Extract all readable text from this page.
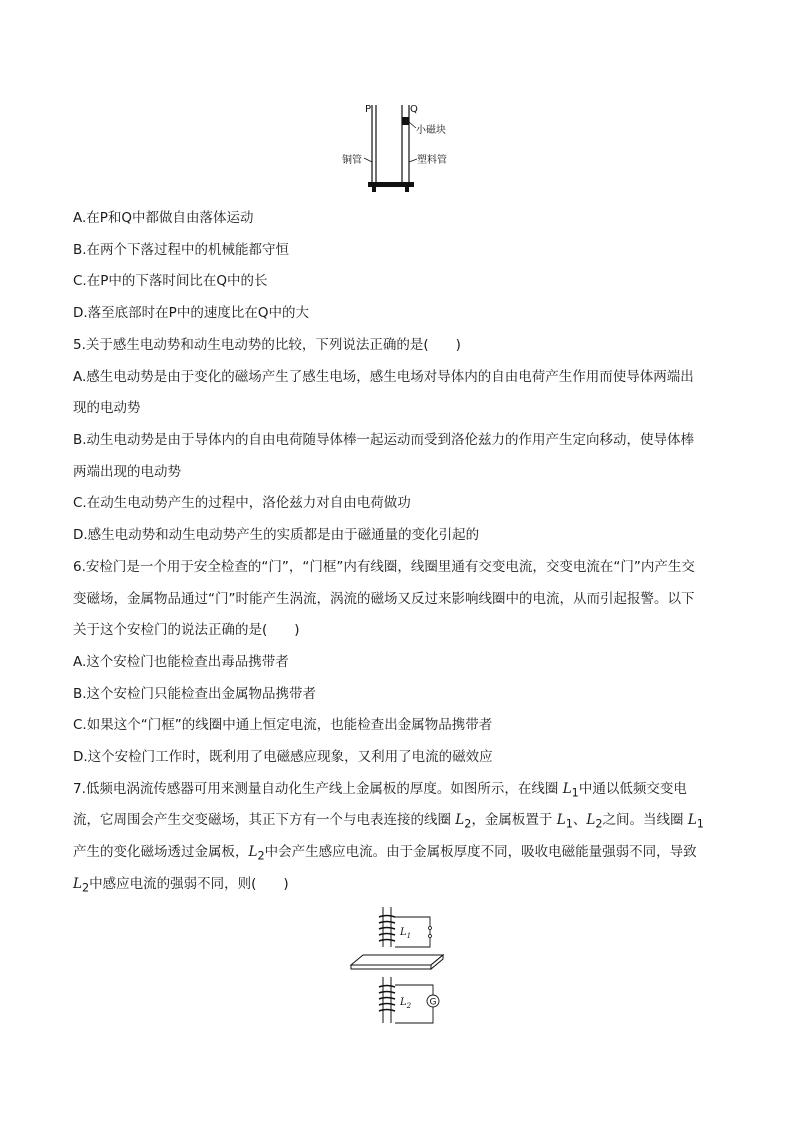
P	Q
小磁块
铜管	塑料管
A.在P和Q中都做自由落体运动
B.在两个下落过程中的机械能都守恒
C.在P中的下落时间比在Q中的长
D.落至底部时在P中的速度比在Q中的大
5.关于感生电动势和动生电动势的比较，下列说法正确的是(　　)
A.感生电动势是由于变化的磁场产生了感生电场，感生电场对导体内的自由电荷产生作用而使导体两端出
现的电动势
B.动生电动势是由于导体内的自由电荷随导体棒一起运动而受到洛伦兹力的作用产生定向移动，使导体棒
两端出现的电动势
C.在动生电动势产生的过程中，洛伦兹力对自由电荷做功
D.感生电动势和动生电动势产生的实质都是由于磁通量的变化引起的
6.安检门是一个用于安全检查的“门”，“门框”内有线圈，线圈里通有交变电流，交变电流在“门”内产生交
变磁场，金属物品通过“门”时能产生涡流，涡流的磁场又反过来影响线圈中的电流，从而引起报警。以下
关于这个安检门的说法正确的是(　　)
A.这个安检门也能检查出毒品携带者
B.这个安检门只能检查出金属物品携带者
C.如果这个“门框”的线圈中通上恒定电流，也能检查出金属物品携带者
D.这个安检门工作时，既利用了电磁感应现象，又利用了电流的磁效应
7.低频电涡流传感器可用来测量自动化生产线上金属板的厚度。如图所示，在线圈 $L_1$中通以低频交变电
流，它周围会产生交变磁场，其正下方有一个与电表连接的线圈 $L_2$，金属板置于 $L_1$、$L_2$之间。当线圈 $L_1$
产生的变化磁场透过金属板，$L_2$中会产生感应电流。由于金属板厚度不同，吸收电磁能量强弱不同，导致
$L_2$中感应电流的强弱不同，则(　　)
$L_1$
G
$L_2$
